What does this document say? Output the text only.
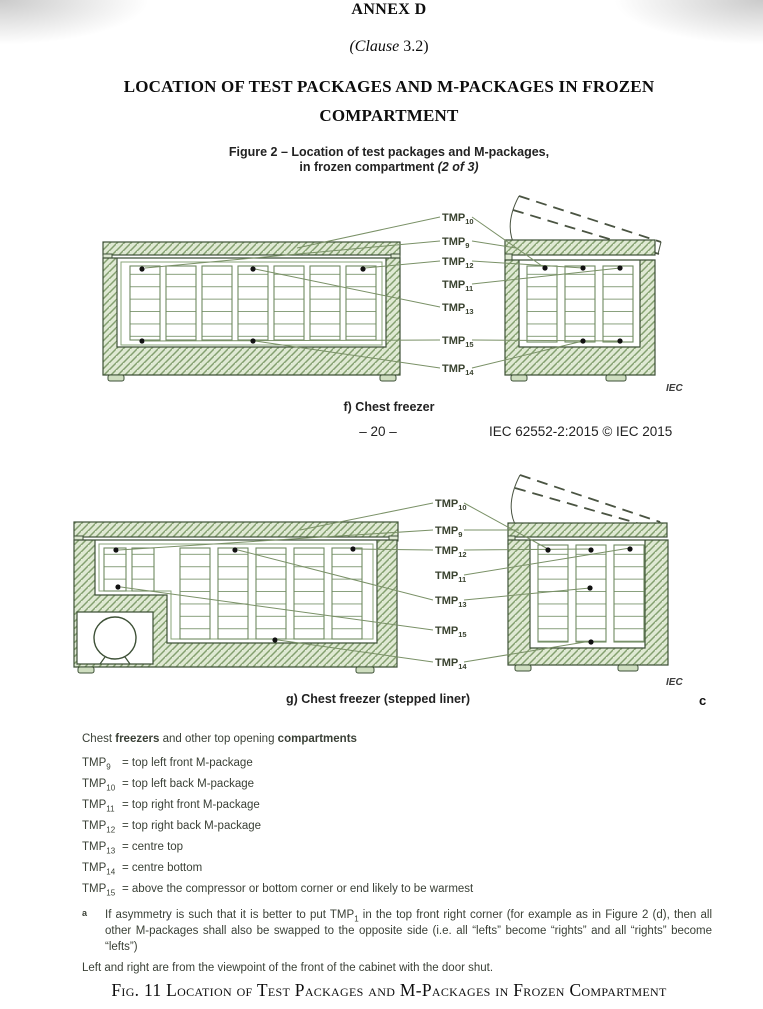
ANNEX D
(Clause 3.2)
LOCATION OF TEST PACKAGES AND M-PACKAGES IN FROZEN
COMPARTMENT
Figure 2 – Location of test packages and M-packages,
in frozen compartment (2 of 3)
$TMP_{10}$
$TMP_9$
$TMP_{12}$
$TMP_{11}$
$TMP_{13}$
$TMP_{15}$
$TMP_{14}$
IEC
f) Chest freezer
– 20 –	IEC 62552-2:2015 © IEC 2015
$TMP_{10}$
$TMP_9$
$TMP_{12}$
$TMP_{11}$
$TMP_{13}$
$TMP_{15}$
$TMP_{14}$
IEC
g) Chest freezer (stepped liner)	c
Chest freezers and other top opening compartments
$TMP_9$ = top left front M-package
$TMP_{10}$ = top left back M-package
$TMP_{11}$ = top right front M-package
$TMP_{12}$ = top right back M-package
$TMP_{13}$ = centre top
$TMP_{14}$ = centre bottom
$TMP_{15}$ = above the compressor or bottom corner or end likely to be warmest
a If asymmetry is such that it is better to put $TMP_1$ in the top front right corner (for example as in Figure 2 (d), then all other M-packages shall also be swapped to the opposite side (i.e. all “lefts” become “rights” and all “rights” become “lefts”)
Left and right are from the viewpoint of the front of the cabinet with the door shut.
Fig. 11 Location of Test Packages and M-Packages in Frozen Compartment
